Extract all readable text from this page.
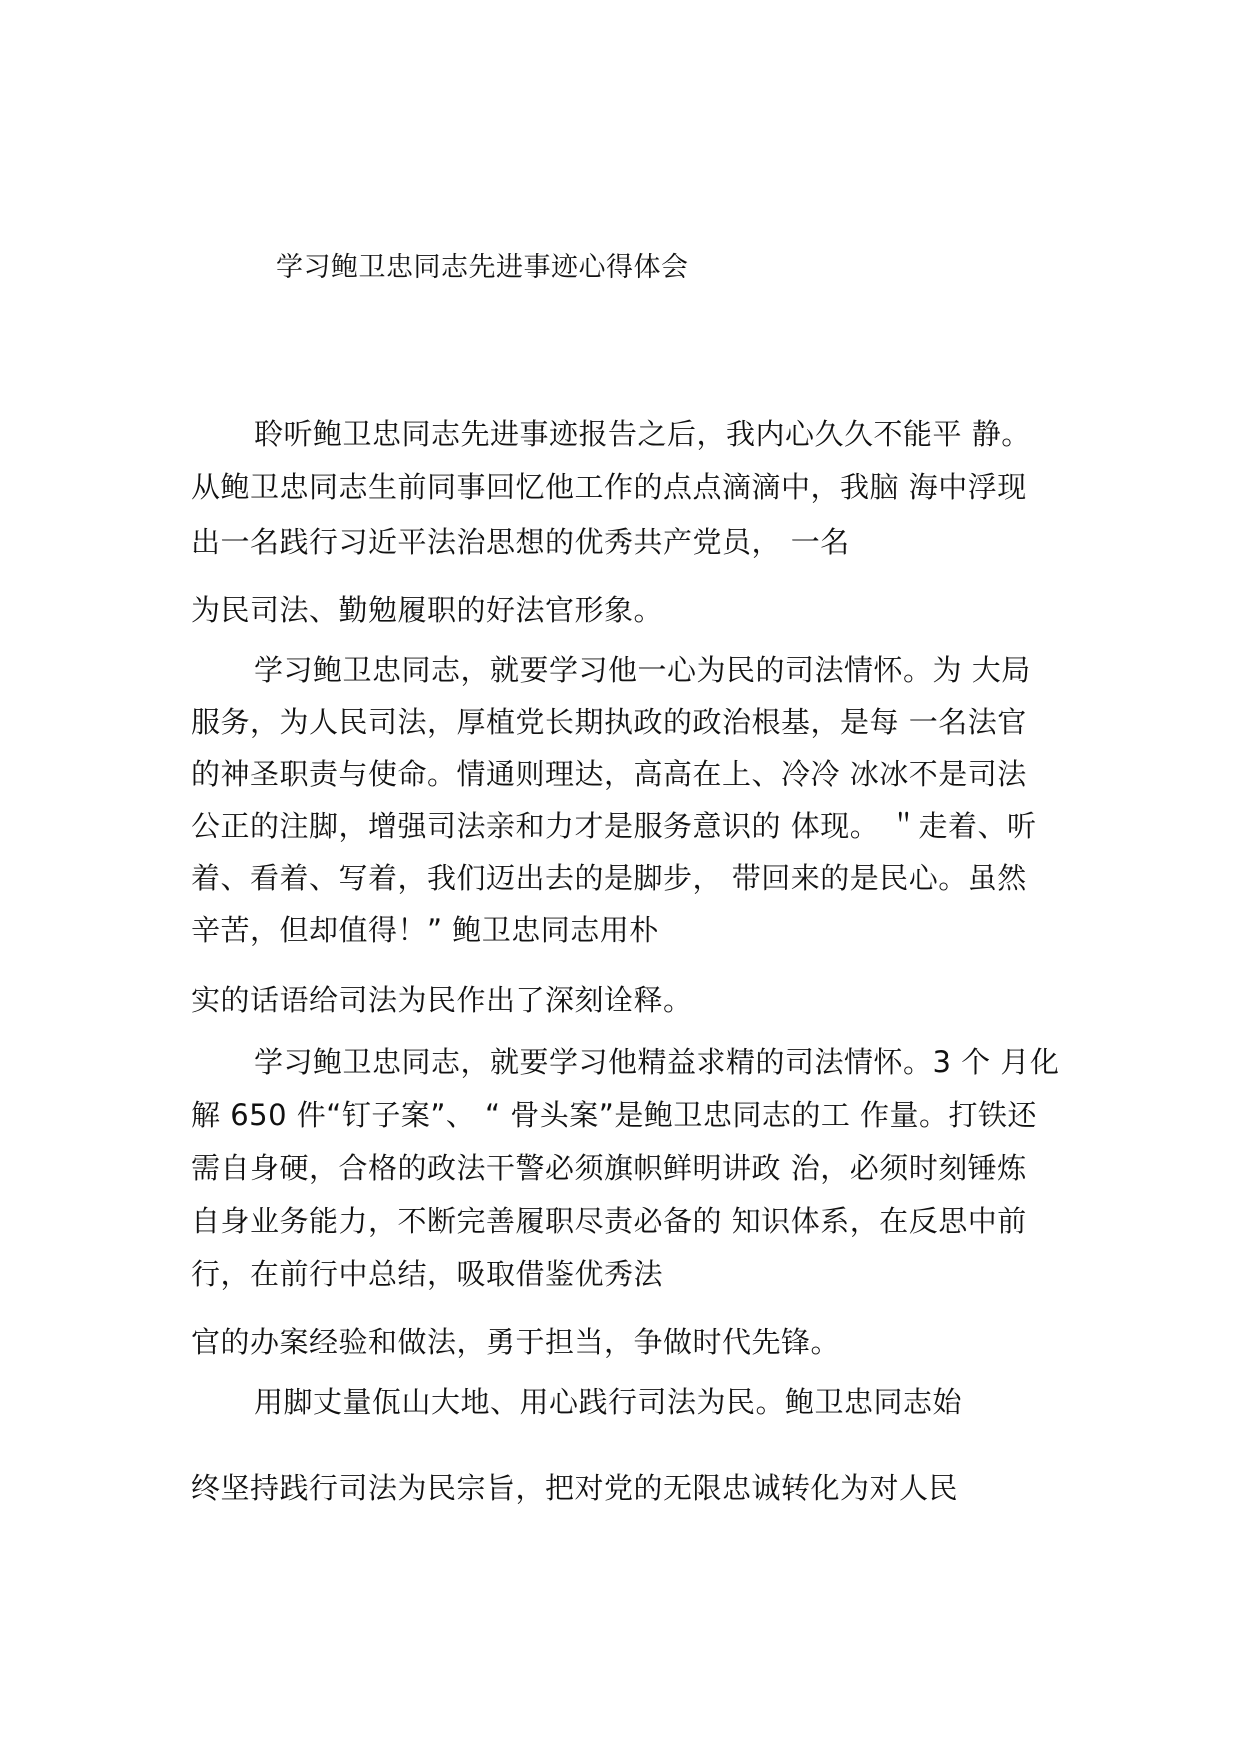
学习鲍卫忠同志先进事迹心得体会
聆听鲍卫忠同志先进事迹报告之后，我内心久久不能平 静。
从鲍卫忠同志生前同事回忆他工作的点点滴滴中，我脑 海中浮现
出一名践行习近平法治思想的优秀共产党员， 一名
为民司法、勤勉履职的好法官形象。
学习鲍卫忠同志，就要学习他一心为民的司法情怀。为 大局
服务，为人民司法，厚植党长期执政的政治根基，是每 一名法官
的神圣职责与使命。情通则理达，高高在上、冷冷 冰冰不是司法
公正的注脚，增强司法亲和力才是服务意识的 体现。 ＂走着、听
着、看着、写着，我们迈出去的是脚步， 带回来的是民心。虽然
辛苦，但却值得！” 鲍卫忠同志用朴
实的话语给司法为民作出了深刻诠释。
学习鲍卫忠同志，就要学习他精益求精的司法情怀。3 个 月化
解 650 件“钉子案”、 “ 骨头案”是鲍卫忠同志的工 作量。打铁还
需自身硬，合格的政法干警必须旗帜鲜明讲政 治，必须时刻锤炼
自身业务能力，不断完善履职尽责必备的 知识体系，在反思中前
行，在前行中总结，吸取借鉴优秀法
官的办案经验和做法，勇于担当，争做时代先锋。
用脚丈量佤山大地、用心践行司法为民。鲍卫忠同志始
终坚持践行司法为民宗旨，把对党的无限忠诚转化为对人民
